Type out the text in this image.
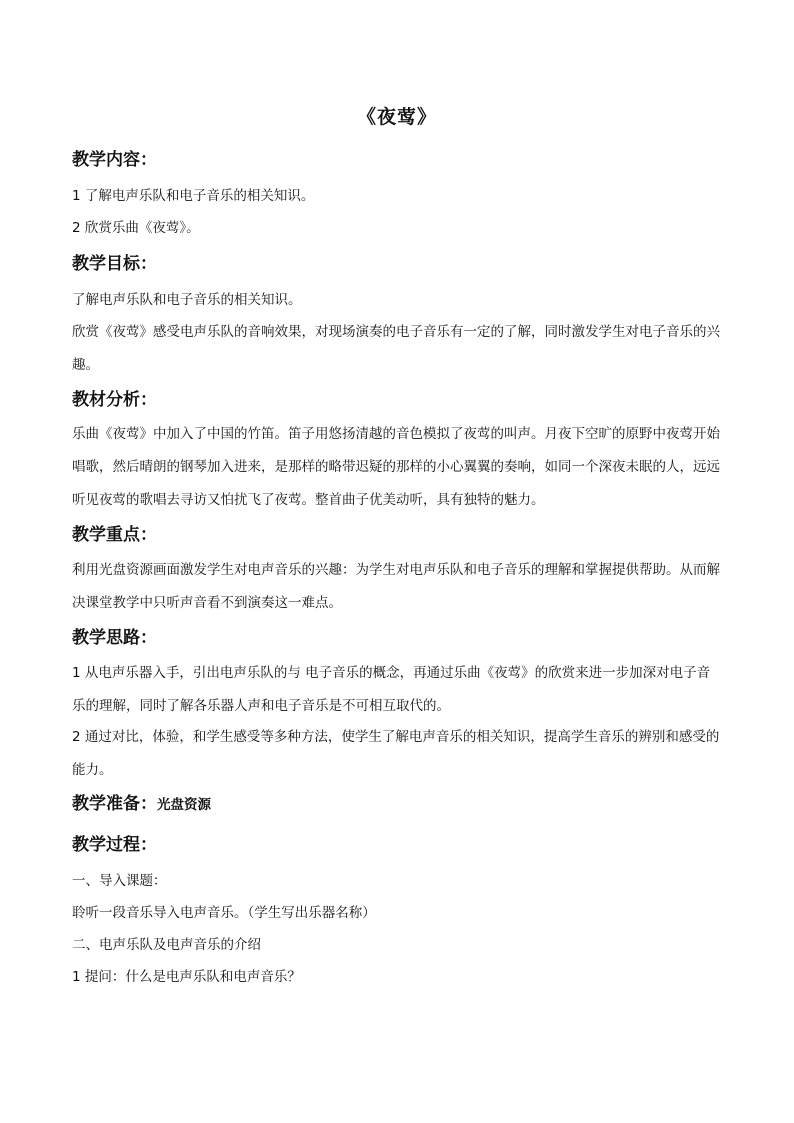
《夜莺》
教学内容：
1 了解电声乐队和电子音乐的相关知识。
2 欣赏乐曲《夜莺》。
教学目标：
了解电声乐队和电子音乐的相关知识。
欣赏《夜莺》感受电声乐队的音响效果，对现场演奏的电子音乐有一定的了解，同时激发学生对电子音乐的兴趣。
教材分析：
乐曲《夜莺》中加入了中国的竹笛。笛子用悠扬清越的音色模拟了夜莺的叫声。月夜下空旷的原野中夜莺开始唱歌，然后晴朗的钢琴加入进来，是那样的略带迟疑的那样的小心翼翼的奏响，如同一个深夜未眠的人，远远听见夜莺的歌唱去寻访又怕扰飞了夜莺。整首曲子优美动听，具有独特的魅力。
教学重点：
利用光盘资源画面激发学生对电声音乐的兴趣：为学生对电声乐队和电子音乐的理解和掌握提供帮助。从而解决课堂教学中只听声音看不到演奏这一难点。
教学思路：
1 从电声乐器入手，引出电声乐队的与 电子音乐的概念，再通过乐曲《夜莺》的欣赏来进一步加深对电子音乐的理解，同时了解各乐器人声和电子音乐是不可相互取代的。
2 通过对比，体验，和学生感受等多种方法，使学生了解电声音乐的相关知识，提高学生音乐的辨别和感受的能力。
教学准备：光盘资源
教学过程：
一、导入课题：
聆听一段音乐导入电声音乐。（学生写出乐器名称）
二、电声乐队及电声音乐的介绍
1 提问：什么是电声乐队和电声音乐？
